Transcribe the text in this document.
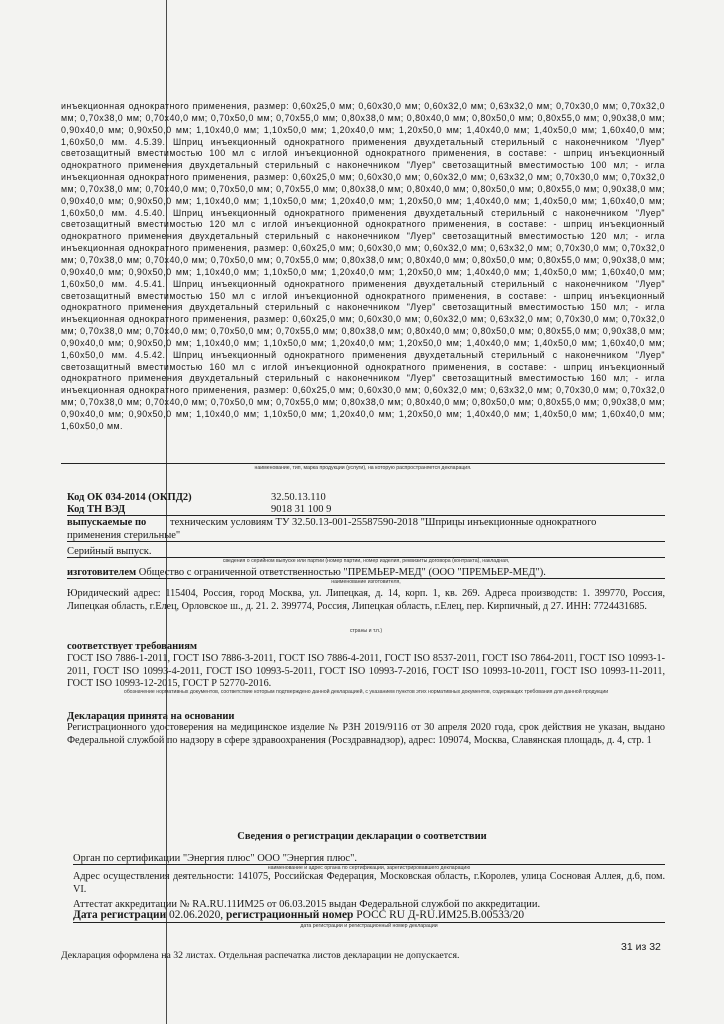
инъекционная однократного применения, размер: 0,60x25,0 мм; 0,60x30,0 мм; 0,60x32,0 мм; 0,63x32,0 мм; 0,70x30,0 мм; 0,70x32,0 мм; 0,70x38,0 мм; 0,70x40,0 мм; 0,70x50,0 мм; 0,70x55,0 мм; 0,80x38,0 мм; 0,80x40,0 мм; 0,80x50,0 мм; 0,80x55,0 мм; 0,90x38,0 мм; 0,90x40,0 мм; 0,90x50,0 мм; 1,10x40,0 мм; 1,10x50,0 мм; 1,20x40,0 мм; 1,20x50,0 мм; 1,40x40,0 мм; 1,40x50,0 мм; 1,60x40,0 мм; 1,60x50,0 мм. 4.5.39. Шприц инъекционный однократного применения двухдетальный стерильный с наконечником "Луер" светозащитный вместимостью 100 мл с иглой инъекционной однократного применения, в составе: - шприц инъекционный однократного применения двухдетальный стерильный с наконечником "Луер" светозащитный вместимостью 100 мл; - игла инъекционная однократного применения, размер: 0,60x25,0 мм; 0,60x30,0 мм; 0,60x32,0 мм; 0,63x32,0 мм; 0,70x30,0 мм; 0,70x32,0 мм; 0,70x38,0 мм; 0,70x40,0 мм; 0,70x50,0 мм; 0,70x55,0 мм; 0,80x38,0 мм; 0,80x40,0 мм; 0,80x50,0 мм; 0,80x55,0 мм; 0,90x38,0 мм; 0,90x40,0 мм; 0,90x50,0 мм; 1,10x40,0 мм; 1,10x50,0 мм; 1,20x40,0 мм; 1,20x50,0 мм; 1,40x40,0 мм; 1,40x50,0 мм; 1,60x40,0 мм; 1,60x50,0 мм. 4.5.40. Шприц инъекционный однократного применения двухдетальный стерильный с наконечником "Луер" светозащитный вместимостью 120 мл с иглой инъекционной однократного применения, в составе: - шприц инъекционный однократного применения двухдетальный стерильный с наконечником "Луер" светозащитный вместимостью 120 мл; - игла инъекционная однократного применения, размер: 0,60x25,0 мм; 0,60x30,0 мм; 0,60x32,0 мм; 0,63x32,0 мм; 0,70x30,0 мм; 0,70x32,0 мм; 0,70x38,0 мм; 0,70x40,0 мм; 0,70x50,0 мм; 0,70x55,0 мм; 0,80x38,0 мм; 0,80x40,0 мм; 0,80x50,0 мм; 0,80x55,0 мм; 0,90x38,0 мм; 0,90x40,0 мм; 0,90x50,0 мм; 1,10x40,0 мм; 1,10x50,0 мм; 1,20x40,0 мм; 1,20x50,0 мм; 1,40x40,0 мм; 1,40x50,0 мм; 1,60x40,0 мм; 1,60x50,0 мм. 4.5.41. Шприц инъекционный однократного применения двухдетальный стерильный с наконечником "Луер" светозащитный вместимостью 150 мл с иглой инъекционной однократного применения, в составе: - шприц инъекционный однократного применения двухдетальный стерильный с наконечником "Луер" светозащитный вместимостью 150 мл; - игла инъекционная однократного применения, размер: 0,60x25,0 мм; 0,60x30,0 мм; 0,60x32,0 мм; 0,63x32,0 мм; 0,70x30,0 мм; 0,70x32,0 мм; 0,70x38,0 мм; 0,70x40,0 мм; 0,70x50,0 мм; 0,70x55,0 мм; 0,80x38,0 мм; 0,80x40,0 мм; 0,80x50,0 мм; 0,80x55,0 мм; 0,90x38,0 мм; 0,90x40,0 мм; 0,90x50,0 мм; 1,10x40,0 мм; 1,10x50,0 мм; 1,20x40,0 мм; 1,20x50,0 мм; 1,40x40,0 мм; 1,40x50,0 мм; 1,60x40,0 мм; 1,60x50,0 мм. 4.5.42. Шприц инъекционный однократного применения двухдетальный стерильный с наконечником "Луер" светозащитный вместимостью 160 мл с иглой инъекционной однократного применения, в составе: - шприц инъекционный однократного применения двухдетальный стерильный с наконечником "Луер" светозащитный вместимостью 160 мл; - игла инъекционная однократного применения, размер: 0,60x25,0 мм; 0,60x30,0 мм; 0,60x32,0 мм; 0,63x32,0 мм; 0,70x30,0 мм; 0,70x32,0 мм; 0,70x38,0 мм; 0,70x40,0 мм; 0,70x50,0 мм; 0,70x55,0 мм; 0,80x38,0 мм; 0,80x40,0 мм; 0,80x50,0 мм; 0,80x55,0 мм; 0,90x38,0 мм; 0,90x40,0 мм; 0,90x50,0 мм; 1,10x40,0 мм; 1,10x50,0 мм; 1,20x40,0 мм; 1,20x50,0 мм; 1,40x40,0 мм; 1,40x50,0 мм; 1,60x40,0 мм; 1,60x50,0 мм.

наименование, тип, марка продукции (услуги), на которую распространяется декларация.
Код ОК 034-2014 (ОКПД2)	32.50.13.110
Код ТН ВЭД	9018 31 100 9
выпускаемые по техническим условиям ТУ 32.50.13-001-25587590-2018 "Шприцы инъекционные однократного
применения стерильные"
Серийный выпуск.
сведения о серийном выпуске или партии (номер партии, номер изделия, реквизиты договора (контракта), накладная,
изготовителем Общество с ограниченной ответственностью "ПРЕМЬЕР-МЕД" (ООО "ПРЕМЬЕР-МЕД").
наименование изготовителя,

Юридический адрес: 115404, Россия, город Москва, ул. Липецкая, д. 14, корп. 1, кв. 269. Адреса производств: 1. 399770, Россия, Липецкая область, г.Елец, Орловское ш., д. 21. 2. 399774, Россия, Липецкая область, г.Елец, пер. Кирпичный, д 27. ИНН: 7724431685.

страны и т.п.)
соответствует требованиям

ГОСТ ISO 7886-1-2011, ГОСТ ISO 7886-3-2011, ГОСТ ISO 7886-4-2011, ГОСТ ISO 8537-2011, ГОСТ ISO 7864-2011, ГОСТ ISO 10993-1-2011, ГОСТ ISO 10993-4-2011, ГОСТ ISO 10993-5-2011, ГОСТ ISO 10993-7-2016, ГОСТ ISO 10993-10-2011, ГОСТ ISO 10993-11-2011, ГОСТ ISO 10993-12-2015, ГОСТ Р 52770-2016.

обозначение нормативных документов, соответствие которым подтверждено данной декларацией, с указанием пунктов этих нормативных документов, содержащих требования для данной продукции
Декларация принята на основании

Регистрационного удостоверения на медицинское изделие № РЗН 2019/9116 от 30 апреля 2020 года, срок действия не указан, выдано Федеральной службой по надзору в сфере здравоохранения (Росздравнадзор), адрес: 109074, Москва, Славянская площадь, д. 4, стр. 1

Сведения о регистрации декларации о соответствии
Орган по сертификации "Энергия плюс" ООО "Энергия плюс".
наименование и адрес органа по сертификации, зарегистрировавшего декларацию

Адрес осуществления деятельности: 141075, Российская Федерация, Московская область, г.Королев, улица Сосновая Аллея, д.6, пом. VI.

Аттестат аккредитации № RA.RU.11ИМ25 от 06.03.2015 выдан Федеральной службой по аккредитации.
Дата регистрации 02.06.2020, регистрационный номер РОСС RU Д-RU.ИМ25.В.00533/20
дата регистрации и регистрационный номер декларации
Декларация оформлена на 32 листах. Отдельная распечатка листов декларации не допускается.
31 из 32
